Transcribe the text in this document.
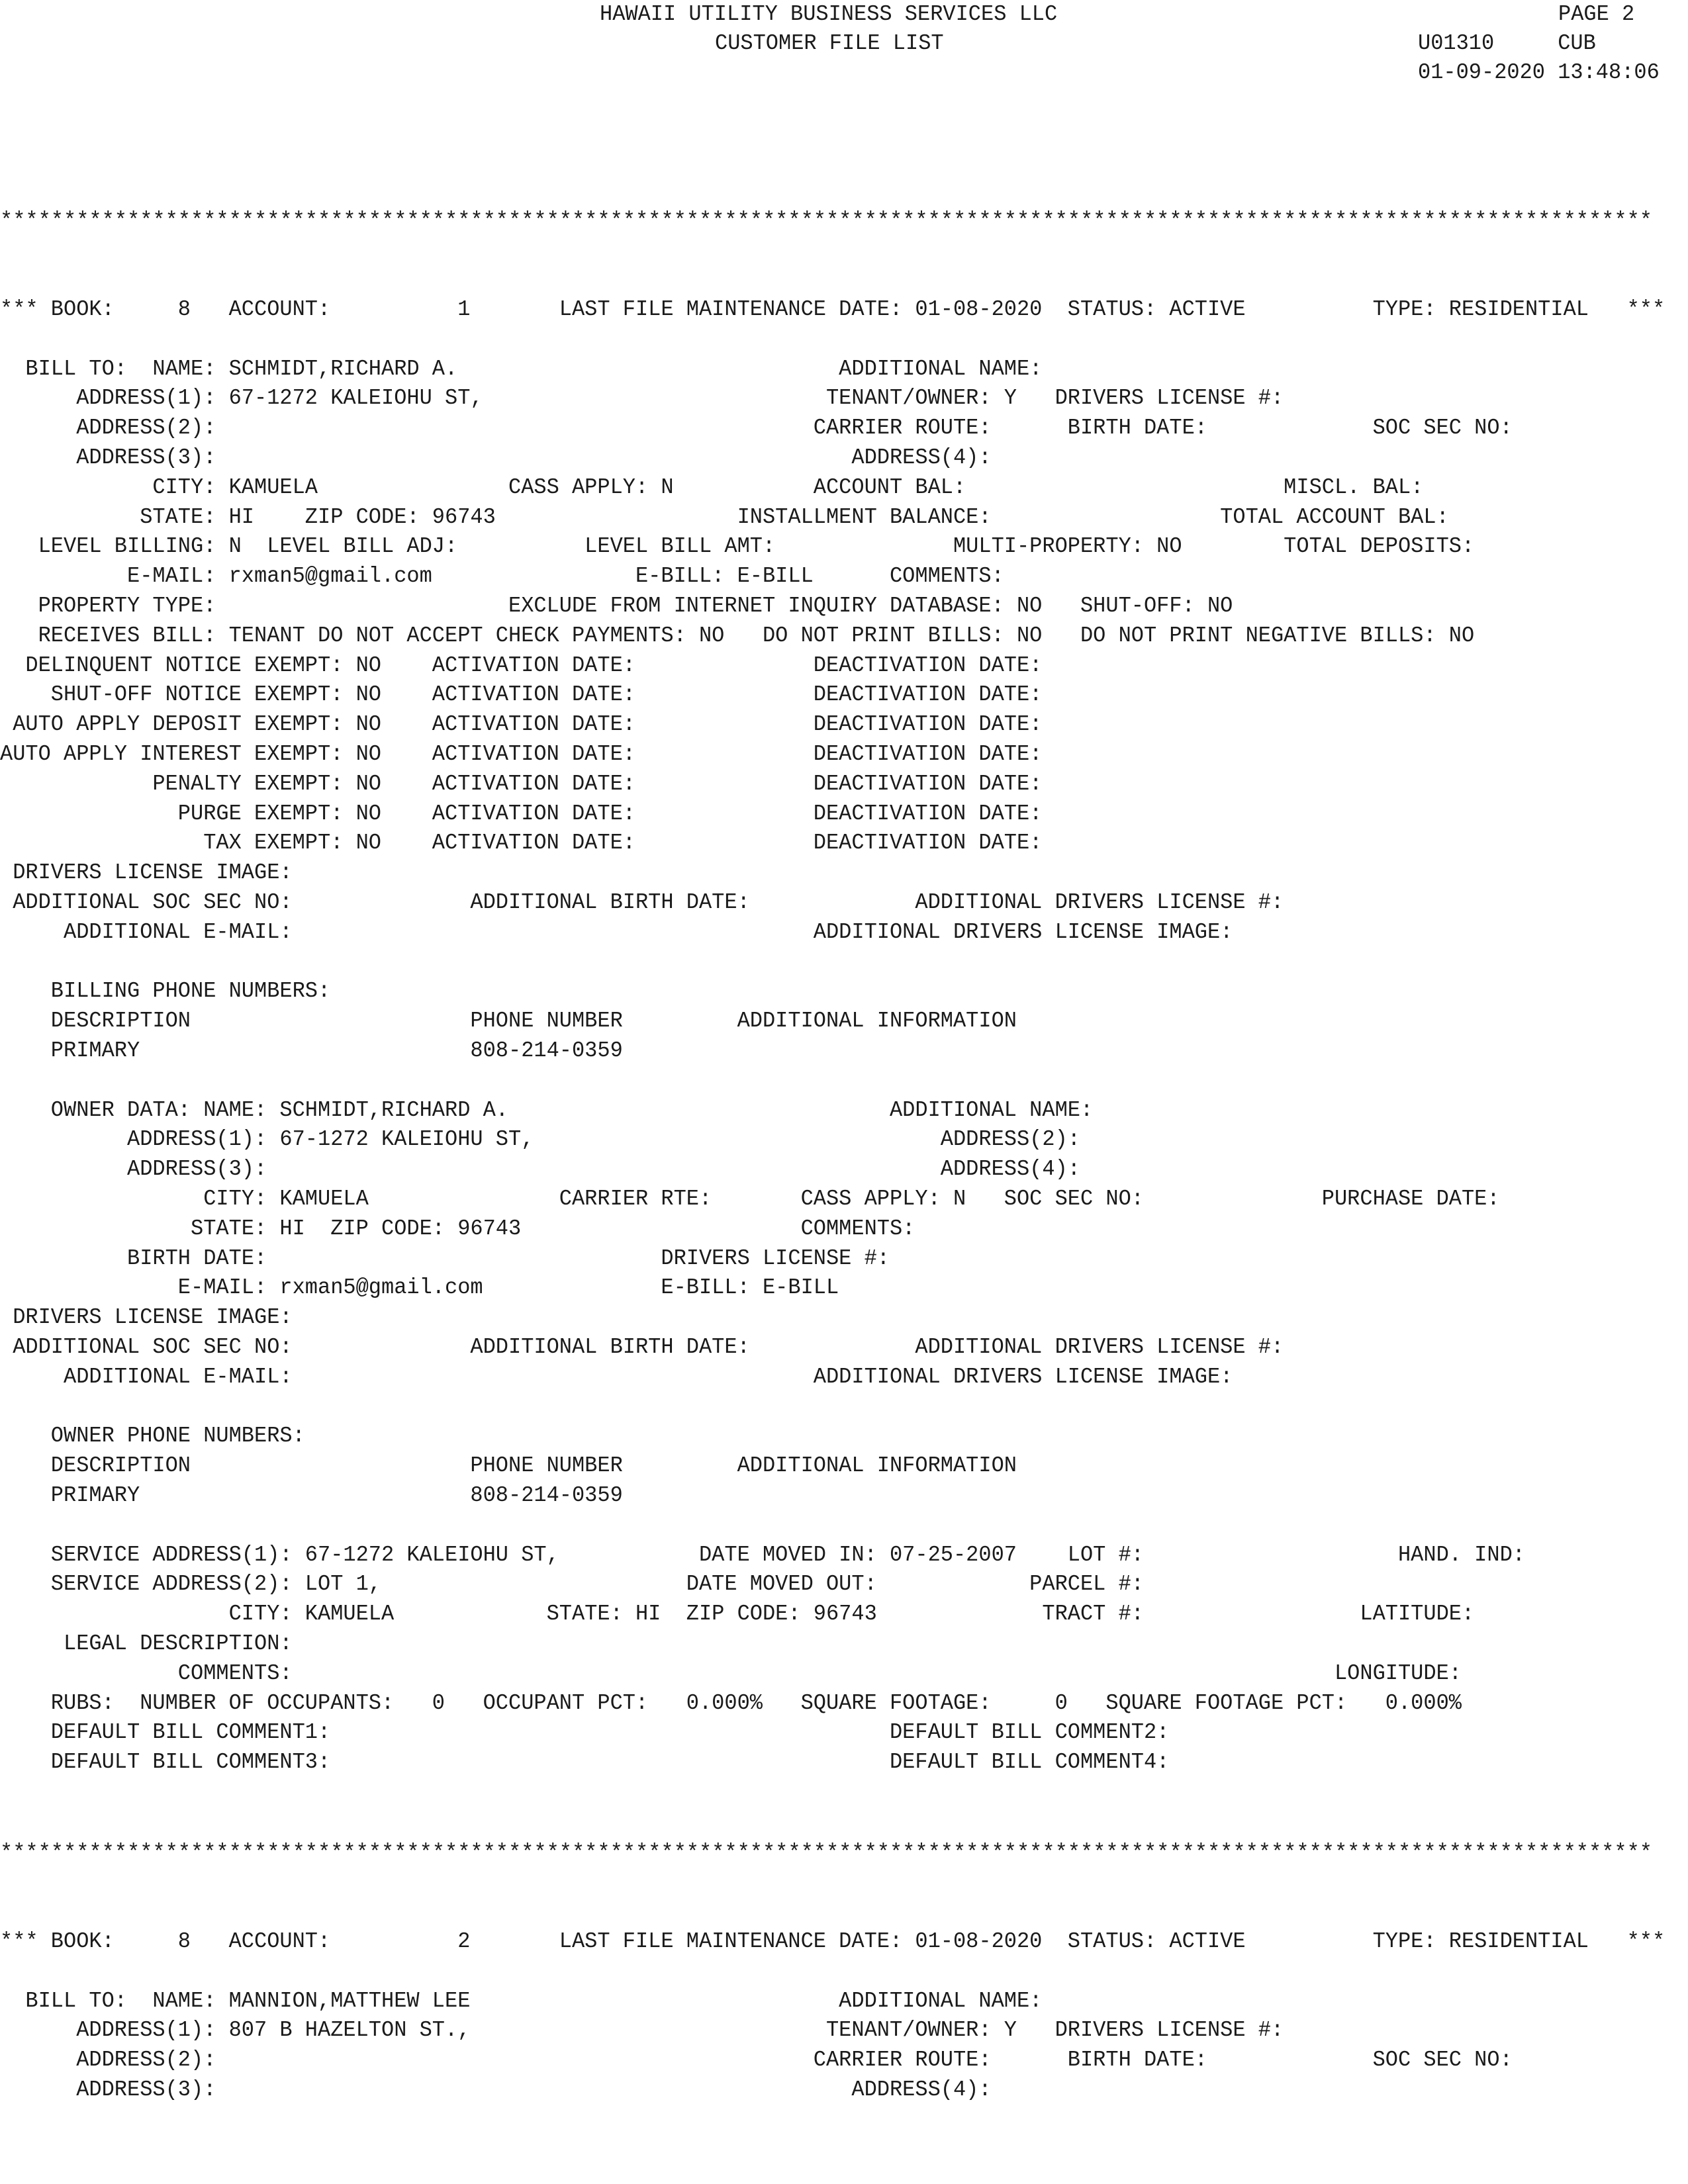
HAWAII UTILITY BUSINESS SERVICES LLC	PAGE 2
CUSTOMER FILE LIST	U01310     CUB
01-09-2020 13:48:06
**********************************************************************************************************************************
*** BOOK:     8   ACCOUNT:          1       LAST FILE MAINTENANCE DATE: 01-08-2020  STATUS: ACTIVE          TYPE: RESIDENTIAL   ***
BILL TO:  NAME: SCHMIDT,RICHARD A.                              ADDITIONAL NAME:
ADDRESS(1): 67-1272 KALEIOHU ST,                           TENANT/OWNER: Y   DRIVERS LICENSE #:
ADDRESS(2):                                               CARRIER ROUTE:      BIRTH DATE:             SOC SEC NO:
ADDRESS(3):                                                  ADDRESS(4):
CITY: KAMUELA               CASS APPLY: N           ACCOUNT BAL:                         MISCL. BAL:
STATE: HI    ZIP CODE: 96743                   INSTALLMENT BALANCE:                  TOTAL ACCOUNT BAL:
LEVEL BILLING: N  LEVEL BILL ADJ:          LEVEL BILL AMT:              MULTI-PROPERTY: NO        TOTAL DEPOSITS:
E-MAIL: rxman5@gmail.com                E-BILL: E-BILL      COMMENTS:
PROPERTY TYPE:                       EXCLUDE FROM INTERNET INQUIRY DATABASE: NO   SHUT-OFF: NO
RECEIVES BILL: TENANT DO NOT ACCEPT CHECK PAYMENTS: NO   DO NOT PRINT BILLS: NO   DO NOT PRINT NEGATIVE BILLS: NO
DELINQUENT NOTICE EXEMPT: NO    ACTIVATION DATE:              DEACTIVATION DATE:
SHUT-OFF NOTICE EXEMPT: NO    ACTIVATION DATE:              DEACTIVATION DATE:
AUTO APPLY DEPOSIT EXEMPT: NO    ACTIVATION DATE:              DEACTIVATION DATE:
AUTO APPLY INTEREST EXEMPT: NO    ACTIVATION DATE:              DEACTIVATION DATE:
PENALTY EXEMPT: NO    ACTIVATION DATE:              DEACTIVATION DATE:
PURGE EXEMPT: NO    ACTIVATION DATE:              DEACTIVATION DATE:
TAX EXEMPT: NO    ACTIVATION DATE:              DEACTIVATION DATE:
DRIVERS LICENSE IMAGE:
ADDITIONAL SOC SEC NO:              ADDITIONAL BIRTH DATE:             ADDITIONAL DRIVERS LICENSE #:
ADDITIONAL E-MAIL:                                         ADDITIONAL DRIVERS LICENSE IMAGE:
BILLING PHONE NUMBERS:
DESCRIPTION                      PHONE NUMBER         ADDITIONAL INFORMATION
PRIMARY                          808-214-0359
OWNER DATA: NAME: SCHMIDT,RICHARD A.                              ADDITIONAL NAME:
ADDRESS(1): 67-1272 KALEIOHU ST,                                ADDRESS(2):
ADDRESS(3):                                                     ADDRESS(4):
CITY: KAMUELA               CARRIER RTE:       CASS APPLY: N   SOC SEC NO:              PURCHASE DATE:
STATE: HI  ZIP CODE: 96743                      COMMENTS:
BIRTH DATE:                               DRIVERS LICENSE #:
E-MAIL: rxman5@gmail.com              E-BILL: E-BILL
DRIVERS LICENSE IMAGE:
ADDITIONAL SOC SEC NO:              ADDITIONAL BIRTH DATE:             ADDITIONAL DRIVERS LICENSE #:
ADDITIONAL E-MAIL:                                         ADDITIONAL DRIVERS LICENSE IMAGE:
OWNER PHONE NUMBERS:
DESCRIPTION                      PHONE NUMBER         ADDITIONAL INFORMATION
PRIMARY                          808-214-0359
SERVICE ADDRESS(1): 67-1272 KALEIOHU ST,           DATE MOVED IN: 07-25-2007    LOT #:                    HAND. IND:
SERVICE ADDRESS(2): LOT 1,                        DATE MOVED OUT:            PARCEL #:
CITY: KAMUELA            STATE: HI  ZIP CODE: 96743             TRACT #:                 LATITUDE:
LEGAL DESCRIPTION:
COMMENTS:                                                                                  LONGITUDE:
RUBS:  NUMBER OF OCCUPANTS:   0   OCCUPANT PCT:   0.000%   SQUARE FOOTAGE:     0   SQUARE FOOTAGE PCT:   0.000%
DEFAULT BILL COMMENT1:                                            DEFAULT BILL COMMENT2:
DEFAULT BILL COMMENT3:                                            DEFAULT BILL COMMENT4:
**********************************************************************************************************************************
*** BOOK:     8   ACCOUNT:          2       LAST FILE MAINTENANCE DATE: 01-08-2020  STATUS: ACTIVE          TYPE: RESIDENTIAL   ***
BILL TO:  NAME: MANNION,MATTHEW LEE                             ADDITIONAL NAME:
ADDRESS(1): 807 B HAZELTON ST.,                            TENANT/OWNER: Y   DRIVERS LICENSE #:
ADDRESS(2):                                               CARRIER ROUTE:      BIRTH DATE:             SOC SEC NO:
ADDRESS(3):                                                  ADDRESS(4):
